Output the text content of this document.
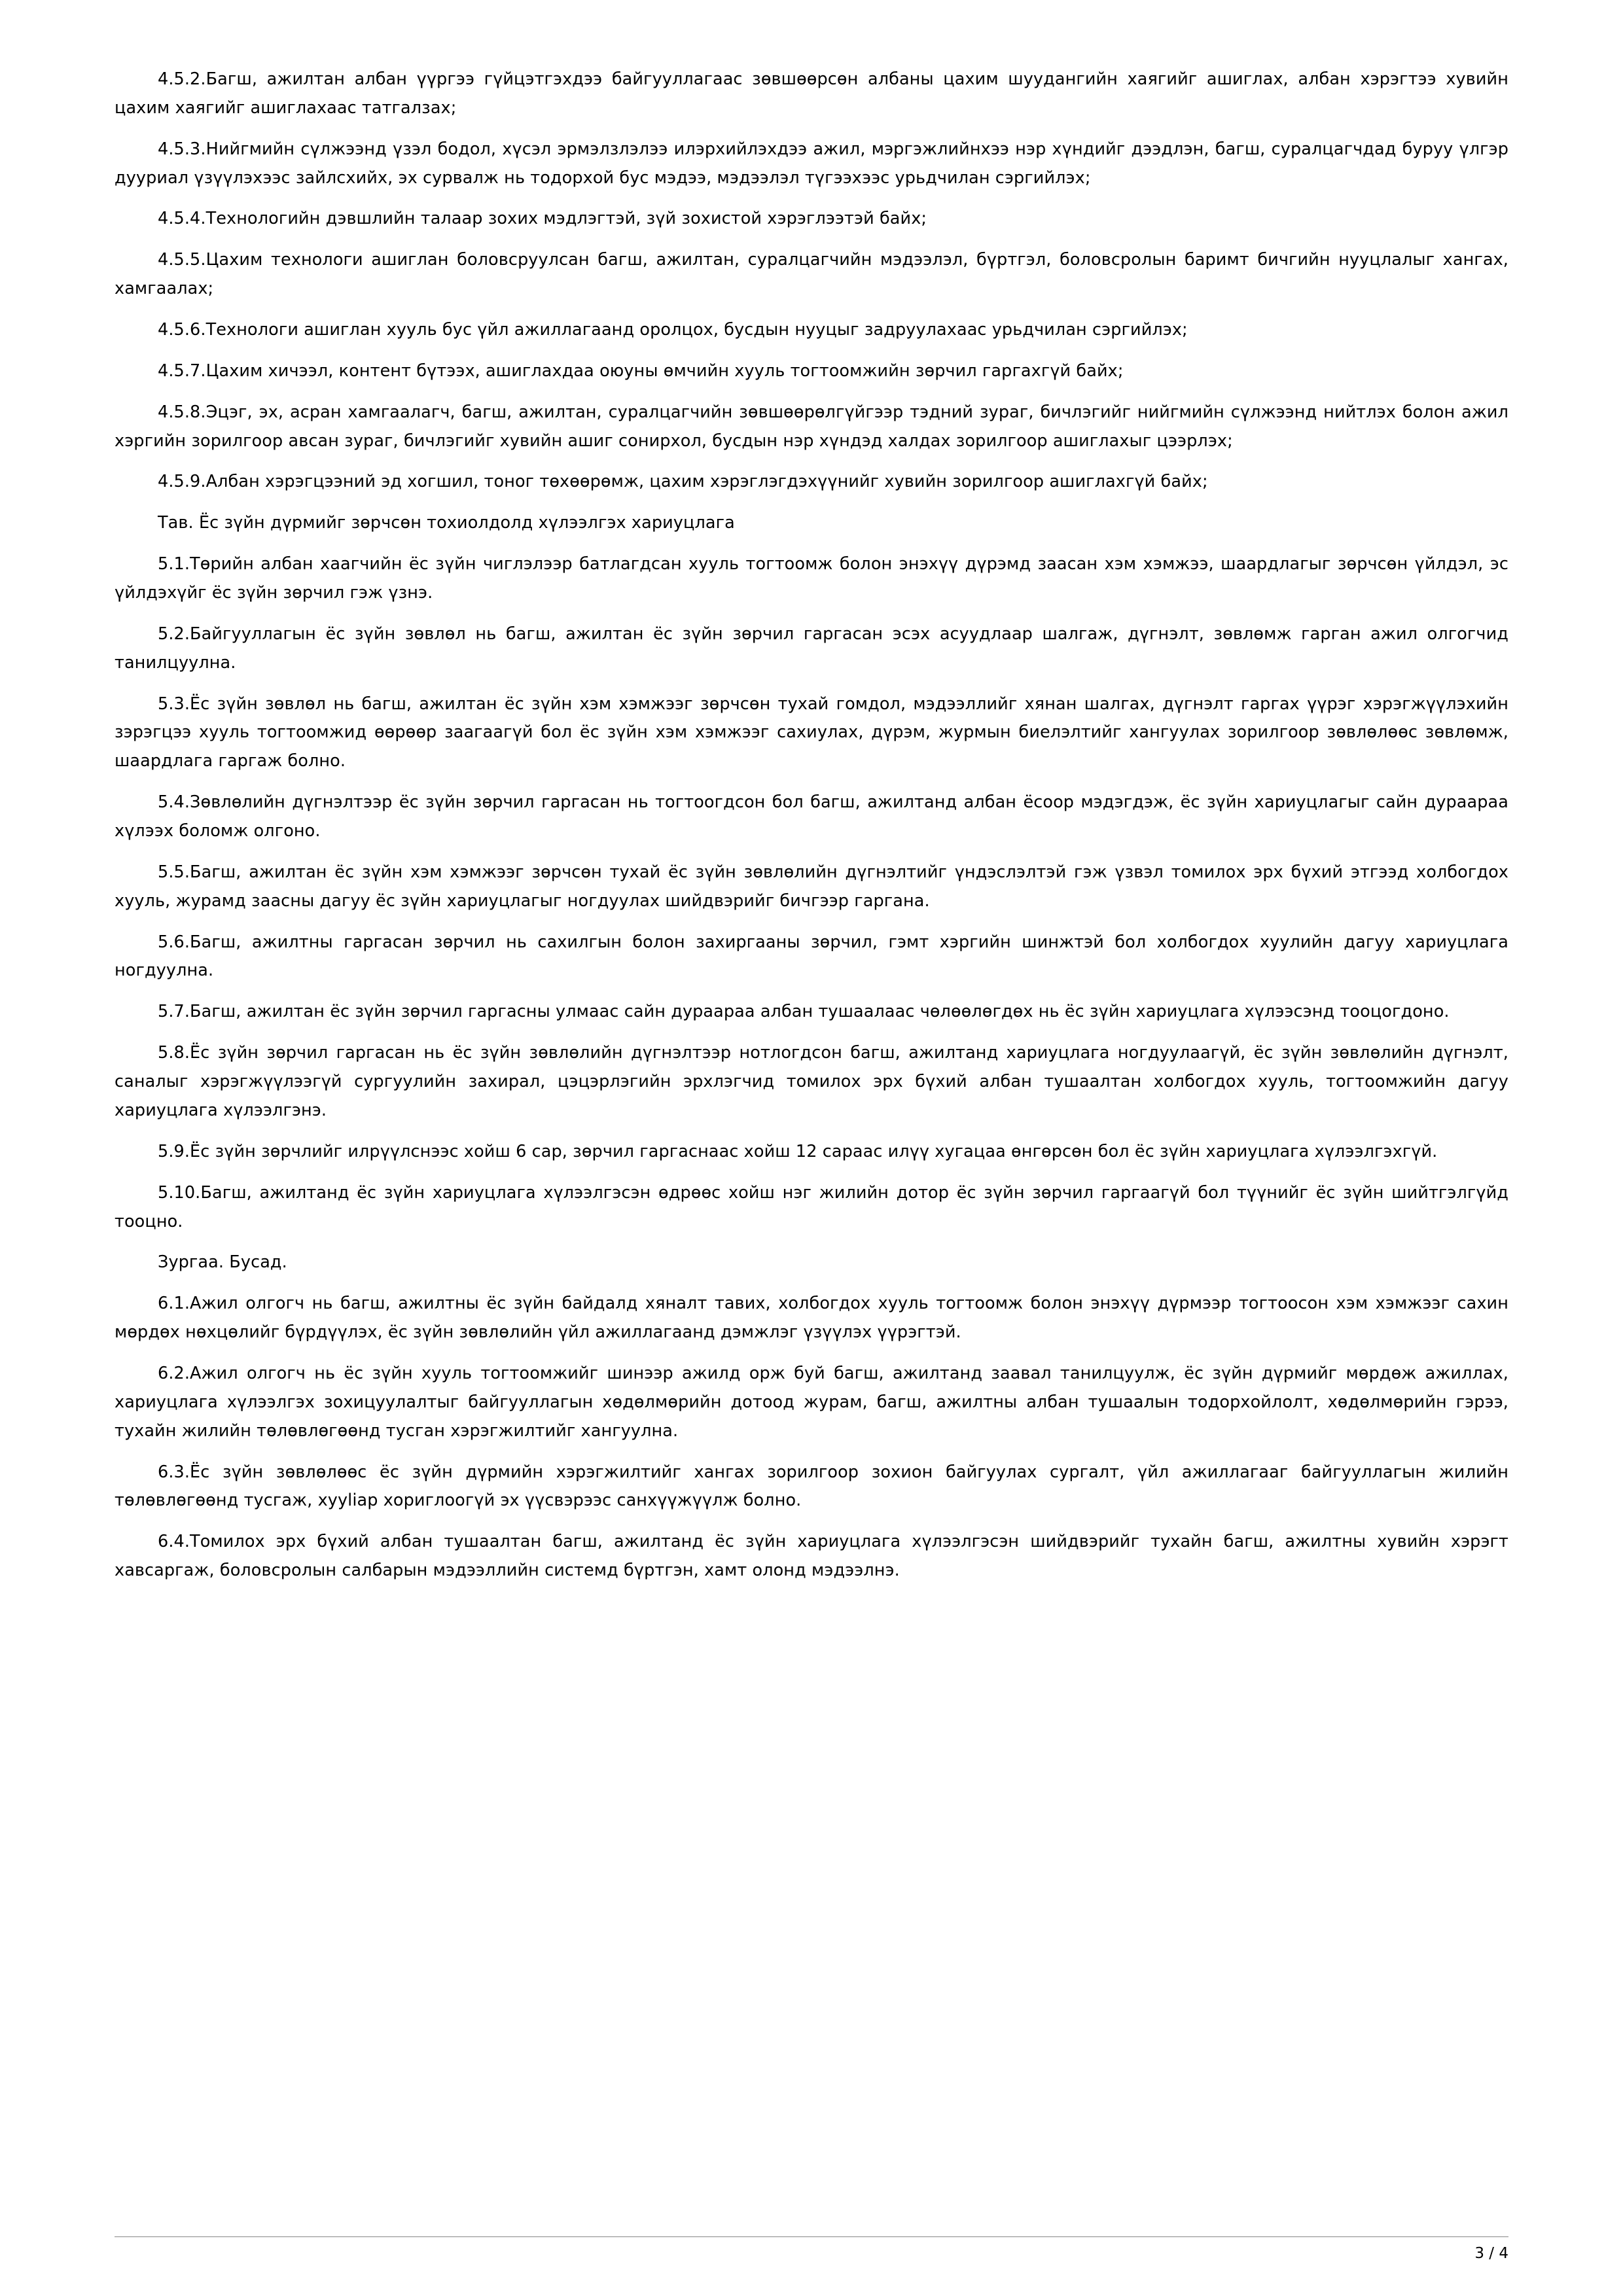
4.5.2.Багш, ажилтан албан үүргээ гүйцэтгэхдээ байгууллагаас зөвшөөрсөн албаны цахим шуудангийн хаягийг ашиглах, албан хэрэгтээ хувийн цахим хаягийг ашиглахаас татгалзах;

4.5.3.Нийгмийн сүлжээнд үзэл бодол, хүсэл эрмэлзлэлээ илэрхийлэхдээ ажил, мэргэжлийнхээ нэр хүндийг дээдлэн, багш, суралцагчдад буруу үлгэр дууриал үзүүлэхээс зайлсхийх, эх сурвалж нь тодорхой бус мэдээ, мэдээлэл түгээхээс урьдчилан сэргийлэх;

4.5.4.Технологийн дэвшлийн талаар зохих мэдлэгтэй, зүй зохистой хэрэглээтэй байх;

4.5.5.Цахим технологи ашиглан боловсруулсан багш, ажилтан, суралцагчийн мэдээлэл, бүртгэл, боловсролын баримт бичгийн нууцлалыг хангах, хамгаалах;

4.5.6.Технологи ашиглан хууль бус үйл ажиллагаанд оролцох, бусдын нууцыг задруулахаас урьдчилан сэргийлэх;

4.5.7.Цахим хичээл, контент бүтээх, ашиглахдаа оюуны өмчийн хууль тогтоомжийн зөрчил гаргахгүй байх;

4.5.8.Эцэг, эх, асран хамгаалагч, багш, ажилтан, суралцагчийн зөвшөөрөлгүйгээр тэдний зураг, бичлэгийг нийгмийн сүлжээнд нийтлэх болон ажил хэргийн зорилгоор авсан зураг, бичлэгийг хувийн ашиг сонирхол, бусдын нэр хүндэд халдах зорилгоор ашиглахыг цээрлэх;

4.5.9.Албан хэрэгцээний эд хогшил, тоног төхөөрөмж, цахим хэрэглэгдэхүүнийг хувийн зорилгоор ашиглахгүй байх;

Тав. Ёс зүйн дүрмийг зөрчсөн тохиолдолд хүлээлгэх хариуцлага

5.1.Төрийн албан хаагчийн ёс зүйн чиглэлээр батлагдсан хууль тогтоомж болон энэхүү дүрэмд заасан хэм хэмжээ, шаардлагыг зөрчсөн үйлдэл, эс үйлдэхүйг ёс зүйн зөрчил гэж үзнэ.

5.2.Байгууллагын ёс зүйн зөвлөл нь багш, ажилтан ёс зүйн зөрчил гаргасан эсэх асуудлаар шалгаж, дүгнэлт, зөвлөмж гарган ажил олгогчид танилцуулна.

5.3.Ёс зүйн зөвлөл нь багш, ажилтан ёс зүйн хэм хэмжээг зөрчсөн тухай гомдол, мэдээллийг хянан шалгах, дүгнэлт гаргах үүрэг хэрэгжүүлэхийн зэрэгцээ хууль тогтоомжид өөрөөр заагаагүй бол ёс зүйн хэм хэмжээг сахиулах, дүрэм, журмын биелэлтийг хангуулах зорилгоор зөвлөлөөс зөвлөмж, шаардлага гаргаж болно.

5.4.Зөвлөлийн дүгнэлтээр ёс зүйн зөрчил гаргасан нь тогтоогдсон бол багш, ажилтанд албан ёсоор мэдэгдэж, ёс зүйн хариуцлагыг сайн дураараа хүлээх боломж олгоно.

5.5.Багш, ажилтан ёс зүйн хэм хэмжээг зөрчсөн тухай ёс зүйн зөвлөлийн дүгнэлтийг үндэслэлтэй гэж үзвэл томилох эрх бүхий этгээд холбогдох хууль, журамд заасны дагуу ёс зүйн хариуцлагыг ногдуулах шийдвэрийг бичгээр гаргана.

5.6.Багш, ажилтны гаргасан зөрчил нь сахилгын болон захиргааны зөрчил, гэмт хэргийн шинжтэй бол холбогдох хуулийн дагуу хариуцлага ногдуулна.

5.7.Багш, ажилтан ёс зүйн зөрчил гаргасны улмаас сайн дураараа албан тушаалаас чөлөөлөгдөх нь ёс зүйн хариуцлага хүлээсэнд тооцогдоно.

5.8.Ёс зүйн зөрчил гаргасан нь ёс зүйн зөвлөлийн дүгнэлтээр нотлогдсон багш, ажилтанд хариуцлага ногдуулаагүй, ёс зүйн зөвлөлийн дүгнэлт, саналыг хэрэгжүүлээгүй сургуулийн захирал, цэцэрлэгийн эрхлэгчид томилох эрх бүхий албан тушаалтан холбогдох хууль, тогтоомжийн дагуу хариуцлага хүлээлгэнэ.

5.9.Ёс зүйн зөрчлийг илрүүлснээс хойш 6 сар, зөрчил гаргаснаас хойш 12 сараас илүү хугацаа өнгөрсөн бол ёс зүйн хариуцлага хүлээлгэхгүй.

5.10.Багш, ажилтанд ёс зүйн хариуцлага хүлээлгэсэн өдрөөс хойш нэг жилийн дотор ёс зүйн зөрчил гаргаагүй бол түүнийг ёс зүйн шийтгэлгүйд тооцно.

Зургаа. Бусад.

6.1.Ажил олгогч нь багш, ажилтны ёс зүйн байдалд хяналт тавих, холбогдох хууль тогтоомж болон энэхүү дүрмээр тогтоосон хэм хэмжээг сахин мөрдөх нөхцөлийг бүрдүүлэх, ёс зүйн зөвлөлийн үйл ажиллагаанд дэмжлэг үзүүлэх үүрэгтэй.

6.2.Ажил олгогч нь ёс зүйн хууль тогтоомжийг шинээр ажилд орж буй багш, ажилтанд заавал танилцуулж, ёс зүйн дүрмийг мөрдөж ажиллах, хариуцлага хүлээлгэх зохицуулалтыг байгууллагын хөдөлмөрийн дотоод журам, багш, ажилтны албан тушаалын тодорхойлолт, хөдөлмөрийн гэрээ, тухайн жилийн төлөвлөгөөнд тусган хэрэгжилтийг хангуулна.

6.3.Ёс зүйн зөвлөлөөс ёс зүйн дүрмийн хэрэгжилтийг хангах зорилгоор зохион байгуулах сургалт, үйл ажиллагааг байгууллагын жилийн төлөвлөгөөнд тусгаж, хууliар хориглоогүй эх үүсвэрээс санхүүжүүлж болно.

6.4.Томилох эрх бүхий албан тушаалтан багш, ажилтанд ёс зүйн хариуцлага хүлээлгэсэн шийдвэрийг тухайн багш, ажилтны хувийн хэрэгт хавсаргаж, боловсролын салбарын мэдээллийн системд бүртгэн, хамт олонд мэдээлнэ.

3 / 4
